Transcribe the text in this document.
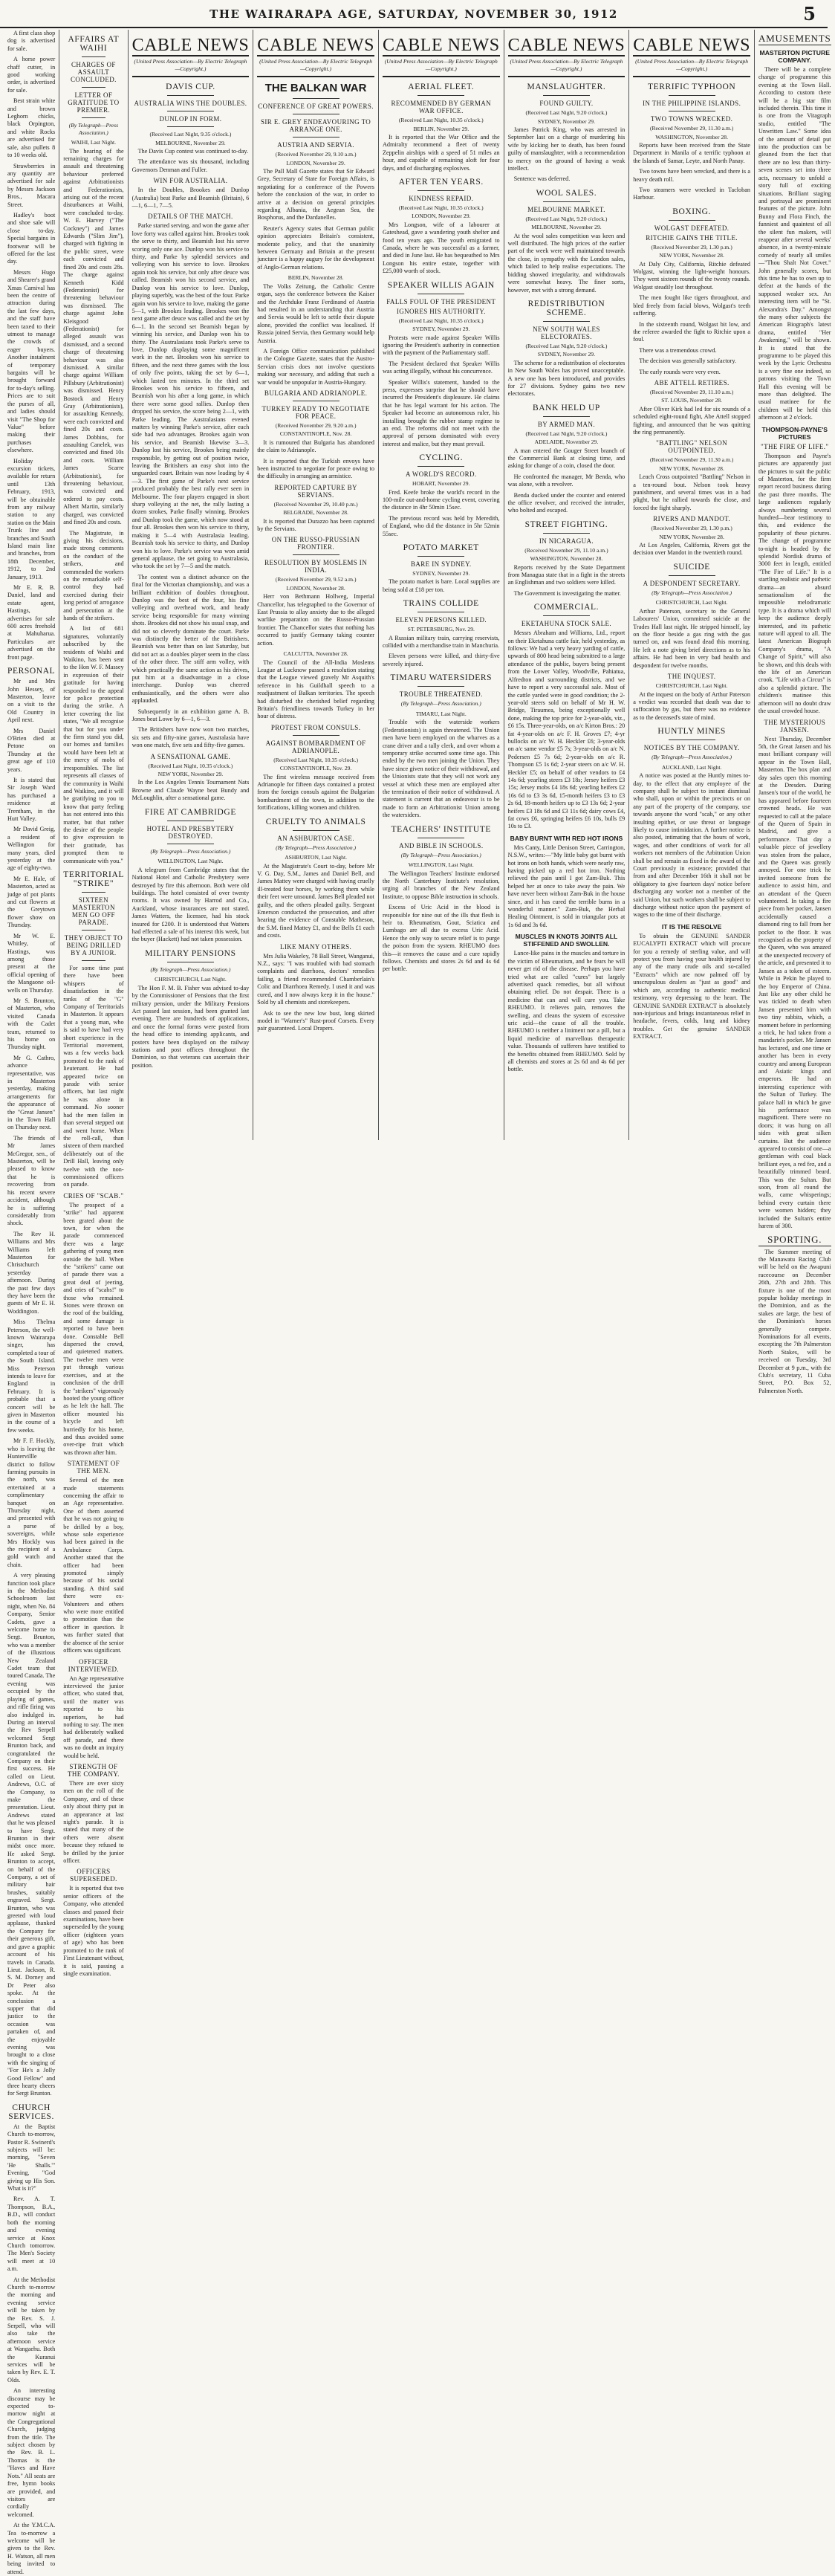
THE WAIRARAPA AGE, SATURDAY, NOVEMBER 30, 1912	5

A first class shop dog is advertised for sale.

A horse power chaff cutter, in good working order, is advertised for sale.

Best strain white and brown Leghorn chicks, black Orpington, and white Rocks are advertised for sale, also pullets 8 to 10 weeks old.

Strawberries in any quantity are advertised for sale by Messrs Jackson Bros., Macara Street.

Hadley's boot and shoe sale will close to-day. Special bargains in footwear will be offered for the last day.

Messrs Hugo and Shearer's grand Xmas Carnival has been the centre of attraction during the last few days, and the staff have been taxed to their utmost to manage the crowds of eager buyers. Another instalment of temporary bargains will be brought forward for to-day's selling. Prices are to suit the purses of all, and ladies should visit "The Shop for Value" before making their purchases elsewhere.

Holiday excursion tickets, available for return until 13th February, 1913, will be obtainable from any railway station to any station on the Main Trunk line and branches and South Island main line and branches, from 18th December, 1912, to 2nd January, 1913.

Mr E. R. B. Daniel, land and estate agent, Hastings, advertises for sale 600 acres freehold at Mahuharua. Particulars are advertised on the front page.

PERSONAL

Mr and Mrs John Hessey, of Masterton, leave on a visit to the Old Country in April next.

Mrs Daniel O'Brien died at Petone on Thursday at the great age of 110 years.

It is stated that Sir Joseph Ward has purchased a residence at Trentham, in the Hutt Valley.

Mr David Greig, a resident of Wellington for many years, died yesterday at the age of eighty-two.

Mr E. Hale, of Masterton, acted as judge of pot plants and cut flowers at the Greytown flower show on Thursday.

Mr W. E. Whitley, of Hastings, was among those present at the official opening of the Mangaone oil-wells on Thursday.

Mr S. Brunton, of Masterton, who visited Canada with the Cadet team, returned to his home on Thursday night.

Mr G. Cathro, advance representative, was in Masterton yesterday, making arrangements for the appearance of the "Great Jansen" in the Town Hall on Thursday next.

The friends of Mr James McGregor, sen., of Masterton, will be pleased to know that he is recovering from his recent severe accident, although he is suffering considerably from shock.

The Rev H. Williams and Mrs Williams left Masterton for Christchurch yesterday afternoon. During the past few days they have been the guests of Mr E. H. Woddington.

Miss Thelma Peterson, the well-known Wairarapa singer, has completed a tour of the South Island. Miss Peterson intends to leave for England in February. It is probable that a concert will be given in Masterton in the course of a few weeks.

Mr F. F. Hockly, who is leaving the Huntervillle district to follow farming pursuits in the north, was entertained at a complimentary banquet on Thursday night, and presented with a purse of sovereigns, while Mrs Hockly was the recipient of a gold watch and chain.

A very pleasing function took place in the Methodist Schoolroom last night, when No. 84 Company, Senior Cadets, gave a welcome home to Sergt. Brunton, who was a member of the illustrious New Zealand Cadet team that toured Canada. The evening was occupied by the playing of games, and rifle firing was also indulged in. During an interval the Rev Serpell welcomed Sergt Brunton back, and congratulated the Company on their first success. He called on Lieut. Andrews, O.C. of the Company, to make the presentation. Lieut. Andrews stated that he was pleased to have Sergt. Brunton in their midst once more. He asked Sergt. Brunton to accept, on behalf of the Company, a set of military hair brushes, suitably engraved. Sergt. Brunton, who was greeted with loud applause, thanked the Company for their generous gift, and gave a graphic account of his travels in Canada. Lieut. Jackson, R. S. M. Dorney and Dr Peter also spoke. At the conclusion a supper that did justice to the occasion was partaken of, and the enjoyable evening was brought to a close with the singing of "For He's a Jolly Good Fellow" and three hearty cheers for Sergt Brunton.

CHURCH SERVICES.

At the Baptist Church to-morrow, Pastor R. Swinerd's subjects will be: morning, "Seven 'He Shalls.'" Evening, "God giving up His Son. What is it?"

Rev. A. T. Thompson, B.A., B.D., will conduct both the morning and evening service at Knox Church tomorrow. The Men's Society will meet at 10 a.m.

At the Methodist Church to-morrow the morning and evening service will be taken by the Rev. S. J. Serpell, who will also take the afternoon service at Wangaehu. Both the Kuranui services will be taken by Rev. E. T. Olds.

An interesting discourse may be expected to-morrow night at the Congregational Church, judging from the title. The subject chosen by the Rev. B. L. Thomas is the "Haves and Have Nots." All seats are free, hymn books are provided, and visitors are cordially welcomed.

At the Y.M.C.A. Tea to-morrow a welcome will be given to the Rev. H. Watson, all men being invited to attend.

AFFAIRS AT WAIHI
CHARGES OF ASSAULT CONCLUDED.
LETTER OF GRATITUDE TO PREMIER.
(By Telegraph—Press Association.)
WAIHI, Last Night.

The hearing of the remaining charges for assault and threatening behaviour preferred against Arbitrationists and Federationists, arising out of the recent disturbances at Waihi, were concluded to-day. W. E. Harvey ("The Cockney") and James Edwards ("Slim Jim"), charged with fighting in the public street, were each convicted and fined 20s and costs 28s. The charge against Kenneth Kidd (Federationist) for threatening behaviour was dismissed. The charge against John Kleisgood (Federationist) for alleged assault was dismissed, and a second charge of threatening behaviour was also dismissed. A similar charge against William Pillsbury (Arbitrationist) was dismissed. Henry Bostock and Henry Gray (Arbitrationists), for assaulting Kennedy, were each convicted and fined 20s and costs. James Dobbins, for assaulting Canelek, was convicted and fined 10s and costs. William James Scarre (Arbitrationist), for threatening behaviour, was convicted and ordered to pay costs. Albert Martin, similarly charged, was convicted and fined 20s and costs.

The Magistrate, in giving his decisions, made strong comments on the conduct of the strikers, and commended the workers on the remarkable self-control they had exercised during their long period of arrogance and persecution at the hands of the strikers.

A list of 681 signatures, voluntarily subscribed by the residents of Waihi and Waikino, has been sent to the Hon W. F. Massey in expression of their gratitude for having responded to the appeal for police protection during the strike. A letter covering the list states, "We all recognise that but for you under the firm stand you did, our homes and families would have been left at the mercy of mobs of irresponsibles. The list represents all classes of the community in Waihi and Waikino, and it will be gratifying to you to know that party feeling has not entered into this matter, but that rather the desire of the people to give expression to their gratitude, has prompted them to communicate with you."

TERRITORIAL "STRIKE"
SIXTEEN MASTERTON MEN GO OFF PARADE.
THEY OBJECT TO BEING DRILLED BY A JUNIOR.

For some time past there have been whispers of dissatisfaction in the ranks of the "G" Company of Territorials in Masterton. It appears that a young man, who is said to have had very short experience in the Territorial movement, was a few weeks back promoted to the rank of lieutenant. He had appeared twice on parade with senior officers, but last night he was alone in command. No sooner had the men fallen in than several stepped out and went home. When the roll-call, than sixteen of them marched deliberately out of the Drill Hall, leaving only twelve with the non-commissioned officers on parade.

CRIES OF "SCAB."

The prospect of a "strike" had apparent been grated about the town, for when the parade commenced there was a large gathering of young men outside the hall. When the "strikers" came out of parade there was a great deal of jeering, and cries of "scabs!" to those who remained. Stones were thrown on the roof of the building, and some damage is reported to have been done. Constable Bell dispersed the crowd, and quietened matters. The twelve men were put through various exercises, and at the conclusion of the drill the "strikers" vigorously hooted the young officer as he left the hall. The officer mounted his bicycle and left hurriedly for his home, and thus avoided some over-ripe fruit which was thrown after him.

STATEMENT OF THE MEN.

Several of the men made statements concerning the affair to an Age representative. One of them asserted that he was not going to be drilled by a boy, whose sole experience had been gained in the Ambulance Corps. Another stated that the officer had been promoted simply because of his social standing. A third said there were ex-Volunteers and others who were more entitled to promotion than the officer in question. It was further stated that the absence of the senior officers was significant.

OFFICER INTERVIEWED.

An Age representative interviewed the junior officer, who stated that, until the matter was reported to his superiors, he had nothing to say. The men had deliberately walked off parade, and there was no doubt an inquiry would be held.

STRENGTH OF THE COMPANY.

There are over sixty men on the roll of the Company, and of these only about thirty put in an appearance at last night's parade. It is stated that many of the others were absent because they refused to be drilled by the junior officer.

OFFICERS SUPERSEDED.

It is reported that two senior officers of the Company, who attended classes and passed their examinations, have been superseded by the young officer (eighteen years of age) who has been promoted to the rank of First Lieutenant without, it is said, passing a single examination.

CABLE NEWS
(United Press Association—By Electric Telegraph—Copyright.)
DAVIS CUP.
AUSTRALIA WINS THE DOUBLES.
DUNLOP IN FORM.
(Received Last Night, 9.35 o'clock.)
MELBOURNE, November 29.

The Davis Cup contest was continued to-day.

The attendance was six thousand, including Governors Denman and Fuller.

WIN FOR AUSTRALIA.

In the Doubles, Brookes and Dunlop (Australia) beat Parke and Beamish (Britain), 6—1, 6—1, 7—5.

DETAILS OF THE MATCH.

Parke started serving, and won the game after love forty was called against him. Brookes took the serve to thirty, and Beamish lost his serve scoring only one ace. Dunlop won his service to thirty, and Parke by splendid services and volleying won his service to love. Brookes again took his service, but only after deuce was called. Beamish won his second service, and Dunlop won his service to love. Dunlop, playing superbly, was the best of the four. Parke again won his service to love, making the game 5—1, with Brookes leading. Brookes won the next game after deuce was called and the set by 6—1. In the second set Beamish began by winning his service, and Dunlop won his to thirty. The Australasians took Parke's serve to love, Dunlop displaying some magnificent work in the net. Brookes won his service to fifteen, and the next three games with the loss of only five points, taking the set by 6—1, which lasted ten minutes. In the third set Brookes won his service to fifteen, and Beamish won his after a long game, in which there were some good rallies. Dunlop then dropped his service, the score being 2—1, with Parke leading. The Australasians evened matters by winning Parke's service, after each side had two advantages. Brookes again won his service, and Beamish likewise 3—3. Dunlop lost his service, Brookes being mainly responsible, by getting out of position twice, leaving the Britishers an easy shot into the unguarded court. Britain was now leading by 4—3. The first game of Parke's next service produced probably the best rally ever seen in Melbourne. The four players engaged in short sharp volleying at the net, the rally lasting a dozen strokes, Parke finally winning. Brookes and Dunlop took the game, which now stood at four all. Brookes then won his service to thirty, making it 5—4 with Australasia leading. Beamish took his service to thirty, and Dunlop won his to love. Parke's service was won amid general applause, the set going to Australasia, who took the set by 7—5 and the match.

The contest was a distinct advance on the final for the Victorian championship, and was a brilliant exhibition of doubles throughout. Dunlop was the best of the four, his fine volleying and overhead work, and heady service being responsible for many winning shots. Brookes did not show his usual snap, and did not so cleverly dominate the court. Parke was distinctly the better of the Britishers. Beamish was better than on last Saturday, but did not act as a doubles player seem in the class of the other three. The stiff arm volley, with which practically the same action as his drives, put him at a disadvantage in a close interchange. Dunlop was cheered enthusiastically, and the others were also applauded.

Subsequently in an exhibition game A. B. Jones beat Lowe by 6—1, 6—3.

The Britishers have now won two matches, six sets and fifty-nine games, Australasia have won one match, five sets and fifty-five games.

A SENSATIONAL GAME.
(Received Last Night, 10.35 o'clock.)
NEW YORK, November 29.

In the Los Angeles Tennis Tournament Nats Browne and Claude Wayne beat Bundy and McLoughlin, after a sensational game.

FIRE AT CAMBRIDGE
HOTEL AND PRESBYTERY DESTROYED.
(By Telegraph—Press Association.)
WELLINGTON, Last Night.

A telegram from Cambridge states that the National Hotel and Catholic Presbytery were destroyed by fire this afternoon. Both were old buildings. The hotel consisted of over twenty rooms. It was owned by Harrod and Co., Auckland, whose insurances are not stated. James Watters, the licensee, had his stock insured for £200. It is understood that Watters had effected a sale of his interest this week, but the buyer (Hackett) had not taken possession.

MILITARY PENSIONS
(By Telegraph—Press Association.)
CHRISTCHURCH, Last Night.

The Hon F. M. B. Fisher was advised to-day by the Commissioner of Pensions that the first military pension, under the Military Pensions Act passed last session, had been granted last evening. There are hundreds of applications, and once the formal forms were posted from the head office to intending applicants, and posters have been displayed on the railway stations and post offices throughout the Dominion, so that veterans can ascertain their position.

CABLE NEWS
(United Press Association—By Electric Telegraph—Copyright.)
THE BALKAN WAR
CONFERENCE OF GREAT POWERS.
SIR E. GREY ENDEAVOURING TO ARRANGE ONE.
AUSTRIA AND SERVIA.
(Received November 29, 9.10 a.m.)
LONDON, November 29.

The Pall Mall Gazette states that Sir Edward Grey, Secretary of State for Foreign Affairs, is negotiating for a conference of the Powers before the conclusion of the war, in order to arrive at a decision on general principles regarding Albania, the Aegean Sea, the Bosphorus, and the Dardanelles.

Reuter's Agency states that German public opinion appreciates Britain's consistent, moderate policy, and that the unanimity between Germany and Britain at the present juncture is a happy augury for the development of Anglo-German relations.

BERLIN, November 28.

The Volks Zeitung, the Catholic Centre organ, says the conference between the Kaiser and the Archduke Franz Ferdinand of Austria had resulted in an understanding that Austria and Servia would be left to settle their dispute alone, provided the conflict was localised. If Russia joined Servia, then Germany would help Austria.

A Foreign Office communication published in the Cologne Gazette, states that the Austro-Servian crisis does not involve questions making war necessary, and adding that such a war would be unpopular in Austria-Hungary.

BULGARIA AND ADRIANOPLE.
TURKEY READY TO NEGOTIATE FOR PEACE.
(Received November 29, 9.20 a.m.)
CONSTANTINOPLE, Nov. 28.

It is rumoured that Bulgaria has abandoned the claim to Adrianople.

It is reported that the Turkish envoys have been instructed to negotiate for peace owing to the difficulty in arranging an armistice.

REPORTED CAPTURE BY SERVIANS.
(Received November 29, 10.40 p.m.)
BELGRADE, November 28.

It is reported that Durazzo has been captured by the Servians.

ON THE RUSSO-PRUSSIAN FRONTIER.
RESOLUTION BY MOSLEMS IN INDIA.
(Received November 29, 9.52 a.m.)
LONDON, November 28.

Herr von Bethmann Hollweg, Imperial Chancellor, has telegraphed to the Governor of East Prussia to allay anxiety due to the alleged warlike preparation on the Russo-Prussian frontier. The Chancellor states that nothing has occurred to justify Germany taking counter action.

CALCUTTA, November 28.

The Council of the All-India Moslems League at Lucknow passed a resolution stating that the League viewed gravely Mr Asquith's reference in his Guildhall speech to a readjustment of Balkan territories. The speech had disturbed the cherished belief regarding Britain's friendliness towards Turkey in her hour of distress.

PROTEST FROM CONSULS.
AGAINST BOMBARDMENT OF ADRIANOPLE.
(Received Last Night, 10.35 o'clock.)
CONSTANTINOPLE, Nov. 29.

The first wireless message received from Adrianople for fifteen days contained a protest from the foreign consuls against the Bulgarian bombardment of the town, in addition to the fortifications, killing women and children.

CRUELTY TO ANIMALS
AN ASHBURTON CASE.
(By Telegraph—Press Association.)
ASHBURTON, Last Night.

At the Magistrate's Court to-day, before Mr V. G. Day, S.M., James and Daniel Bell, and James Mattey were charged with having cruelly ill-treated four horses, by working them while their feet were unsound. James Bell pleaded not guilty, and the others pleaded guilty. Sergeant Emerson conducted the prosecution, and after hearing the evidence of Constable Matheson, the S.M. fined Mattey £1, and the Bells £1 each and costs.

LIKE MANY OTHERS.

Mrs Julia Wakeley, 78 Ball Street, Wanganui, N.Z., says: "I was troubled with bad stomach complaints and diarrhoea, doctors' remedies failing, a friend recommended Chamberlain's Colic and Diarrhoea Remedy. I used it and was cured, and I now always keep it in the house." Sold by all chemists and storekeepers.

Ask to see the new low bust, long skirted model in "Warner's" Rust-proof Corsets. Every pair guaranteed. Local Drapers.

CABLE NEWS
(United Press Association—By Electric Telegraph—Copyright.)
AERIAL FLEET.
RECOMMENDED BY GERMAN WAR OFFICE.
(Received Last Night, 10.35 o'clock.)
BERLIN, November 29.

It is reported that the War Office and the Admiralty recommend a fleet of twenty Zeppelin airships with a speed of 51 miles an hour, and capable of remaining aloft for four days, and of discharging explosives.

AFTER TEN YEARS.
KINDNESS REPAID.
(Received Last Night, 10.35 o'clock.)
LONDON, November 29.

Mrs Longson, wife of a labourer at Gateshead, gave a wandering youth shelter and food ten years ago. The youth emigrated to Canada, where he was successful as a farmer, and died in June last. He has bequeathed to Mrs Longson his entire estate, together with £25,000 worth of stock.

SPEAKER WILLIS AGAIN
FALLS FOUL OF THE PRESIDENT
IGNORES HIS AUTHORITY.
(Received Last Night, 10.35 o'clock.)
SYDNEY, November 29.

Protests were made against Speaker Willis ignoring the President's authority in connection with the payment of the Parliamentary staff.

The President declared that Speaker Willis was acting illegally, without his concurrence.

Speaker Willis's statement, handed to the press, expresses surprise that he should have incurred the President's displeasure. He claims that he has legal warrant for his action. The Speaker had become an autonomous ruler, his installing brought the rubber stamp regime to an end. The reforms did not meet with the approval of persons dominated with every interest and malice, but they must prevail.

CYCLING.
A WORLD'S RECORD.
HOBART, November 29.

Fred. Keefe broke the world's record in the 100-mile out-and-home cycling event, covering the distance in 4hr 50min 15sec.

The previous record was held by Meredith, of England, who did the distance in 5hr 52min 55sec.

POTATO MARKET
BARE IN SYDNEY.
SYDNEY, November 29.

The potato market is bare. Local supplies are being sold at £18 per ton.

TRAINS COLLIDE
ELEVEN PERSONS KILLED.
ST. PETERSBURG, Nov. 29.

A Russian military train, carrying reservists, collided with a merchandise train in Manchuria.

Eleven persons were killed, and thirty-five severely injured.

TIMARU WATERSIDERS
TROUBLE THREATENED.
(By Telegraph—Press Association.)
TIMARU, Last Night.

Trouble with the waterside workers (Federationists) is again threatened. The Union men have been employed on the wharves as a crane driver and a tally clerk, and over whom a temporary strike occurred some time ago. This ended by the two men joining the Union. They have since given notice of their withdrawal, and the Unionists state that they will not work any vessel at which these men are employed after the termination of their notice of withdrawal. A statement is current that an endeavour is to be made to form an Arbitrationist Union among the watersiders.

TEACHERS' INSTITUTE
AND BIBLE IN SCHOOLS.
(By Telegraph—Press Association.)
WELLINGTON, Last Night.

The Wellington Teachers' Institute endorsed the North Canterbury Institute's resolution, urging all branches of the New Zealand Institute, to oppose Bible instruction in schools.

Excess of Uric Acid in the blood is responsible for nine out of the ills that flesh is heir to. Rheumatism, Gout, Sciatica and Lumbago are all due to excess Uric Acid. Hence the only way to secure relief is to purge the poison from the system. RHEUMO does this—it removes the cause and a cure rapidly follows. Chemists and stores 2s 6d and 4s 6d per bottle.

CABLE NEWS
(United Press Association—By Electric Telegraph—Copyright.)
MANSLAUGHTER.
FOUND GUILTY.
(Received Last Night, 9.20 o'clock.)
SYDNEY, November 29.

James Patrick King, who was arrested in September last on a charge of murdering his wife by kicking her to death, has been found guilty of manslaughter, with a recommendation to mercy on the ground of having a weak intellect.

Sentence was deferred.

WOOL SALES.
MELBOURNE MARKET.
(Received Last Night, 9.20 o'clock.)
MELBOURNE, November 29.

At the wool sales competition was keen and well distributed. The high prices of the earlier part of the week were well maintained towards the close, in sympathy with the London sales, which failed to help realise expectations. The bidding showed irregularity, and withdrawals were somewhat heavy. The finer sorts, however, met with a strong demand.

REDISTRIBUTION SCHEME.
NEW SOUTH WALES ELECTORATES.
(Received Last Night, 9.20 o'clock.)
SYDNEY, November 29.

The scheme for a redistribution of electorates in New South Wales has proved unacceptable. A new one has been introduced, and provides for 27 divisions. Sydney gains two new electorates.

BANK HELD UP
BY ARMED MAN.
(Received Last Night, 9.20 o'clock.)
ADELAIDE, November 29.

A man entered the Gouger Street branch of the Commercial Bank at closing time, and asking for change of a coin, closed the door.

He confronted the manager, Mr Benda, who was alone, with a revolver.

Benda ducked under the counter and entered the office revolver, and received the intruder, who bolted and escaped.

STREET FIGHTING.
IN NICARAGUA.
(Received November 29, 11.10 a.m.)
WASHINGTON, November 28.

Reports received by the State Department from Managua state that in a fight in the streets an Englishman and two soldiers were killed.

The Government is investigating the matter.

COMMERCIAL.
EKETAHUNA STOCK SALE.

Messrs Abraham and Williams, Ltd., report on their Eketahuna cattle fair, held yesterday, as follows: We had a very heavy yarding of cattle, upwards of 800 head being submitted to a large attendance of the public, buyers being present from the Lower Valley, Woodville, Pahiatua, Alfredton and surrounding districts, and we have to report a very successful sale. Most of the cattle yarded were in good condition; the 2-year-old steers sold on behalf of Mr H. W. Bridge, Tiraumea, being exceptionally well done, making the top price for 2-year-olds, viz., £6 15s. Three-year-olds, on a/c Kirton Bros.: 20 fat 4-year-olds on a/c F. H. Groves £7; 4-yr bullocks on a/c W. H. Heckler £6; 3-year-olds on a/c same vendor £5 7s; 3-year-olds on a/c N. Pedersen £5 7s 6d; 2-year-olds on a/c R. Thompson £5 1s 6d; 2-year steers on a/c W. H. Heckler £5; on behalf of other vendors to £4 14s 6d; yearling steers £3 18s; Jersey heifers £3 15s; Jersey mobs £4 18s 6d; yearling heifers £2 16s 6d to £3 3s 6d, 15-month heifers £3 to £3 2s 6d, 18-month heifers up to £3 13s 6d; 2-year heifers £3 18s 6d and £3 11s 6d; dairy cows £4, fat cows £6, springing heifers £6 10s, bulls £9 10s to £3.

BABY BURNT WITH RED HOT IRONS

Mrs Canty, Little Denison Street, Carrington, N.S.W., writes:—"My little baby got burnt with hot irons on both hands, which were nearly raw, having picked up a red hot iron. Nothing relieved the pain until I got Zam-Buk. This helped her at once to take away the pain. We have never been without Zam-Buk in the house since, and it has cured the terrible burns in a wonderful manner." Zam-Buk, the Herbal Healing Ointment, is sold in triangular pots at 1s 6d and 3s 6d.

MUSCLES IN KNOTS JOINTS ALL STIFFENED AND SWOLLEN.

Lance-like pains in the muscles and torture in the victim of Rheumatism, and he fears he will never get rid of the disease. Perhaps you have tried what are called "cures" but largely advertised quack remedies, but all without obtaining relief. Do not despair. There is a medicine that can and will cure you. Take RHEUMO. It relieves pain, removes the swelling, and cleans the system of excessive uric acid—the cause of all the trouble. RHEUMO is neither a liniment nor a pill, but a liquid medicine of marvellous therapeutic value. Thousands of sufferers have testified to the benefits obtained from RHEUMO. Sold by all chemists and stores at 2s 6d and 4s 6d per bottle.

CABLE NEWS
(United Press Association—By Electric Telegraph—Copyright.)
TERRIFIC TYPHOON
IN THE PHILIPPINE ISLANDS.
TWO TOWNS WRECKED.
(Received November 29, 11.30 a.m.)
WASHINGTON, November 28.

Reports have been received from the State Department in Manila of a terrific typhoon at the Islands of Samar, Leyte, and North Panay.

Two towns have been wrecked, and there is a heavy death roll.

Two steamers were wrecked in Tacloban Harbour.

BOXING.
WOLGAST DEFEATED.
RITCHIE GAINS THE TITLE.
(Received November 29, 1.30 p.m.)
NEW YORK, November 28.

At Daly City, California, Ritchie defeated Wolgast, winning the light-weight honours. They went sixteen rounds of the twenty rounds. Wolgast steadily lost throughout.

The men fought like tigers throughout, and bled freely from facial blows, Wolgast's teeth suffering.

In the sixteenth round, Wolgast bit low, and the referee awarded the fight to Ritchie upon a foul.

There was a tremendous crowd.

The decision was generally satisfactory.

The early rounds were very even.

ABE ATTELL RETIRES.
(Received November 29, 11.10 a.m.)
ST. LOUIS, November 28.

After Oliver Kirk had led for six rounds of a scheduled eight-round fight, Abe Attell stopped fighting, and announced that he was quitting the ring permanently.

"BATTLING" NELSON OUTPOINTED.
(Received November 29, 11.30 a.m.)
NEW YORK, November 28.

Leach Cross outpointed "Battling" Nelson in a ten-round bout. Nelson took heavy punishment, and several times was in a bad plight, but he rallied towards the close, and forced the fight sharply.

RIVERS AND MANDOT.
(Received November 29, 1.30 p.m.)
NEW YORK, November 28.

At Los Angeles, California, Rivers got the decision over Mandot in the twentieth round.

SUICIDE
A DESPONDENT SECRETARY.
(By Telegraph—Press Association.)
CHRISTCHURCH, Last Night.

Arthur Paterson, secretary to the General Labourers' Union, committed suicide at the Trades Hall last night. He stripped himself, lay on the floor beside a gas ring with the gas turned on, and was found dead this morning. He left a note giving brief directions as to his affairs. He had been in very bad health and despondent for twelve months.

THE INQUEST.
CHRISTCHURCH, Last Night.

At the inquest on the body of Arthur Paterson a verdict was recorded that death was due to suffocation by gas, but there was no evidence as to the deceased's state of mind.

HUNTLY MINES
NOTICES BY THE COMPANY.
(By Telegraph—Press Association.)
AUCKLAND, Last Night.

A notice was posted at the Huntly mines to-day, to the effect that any employee of the company shall be subject to instant dismissal who shall, upon or within the precincts or on any part of the property of the company, use towards anyone the word "scab," or any other insulting epithet, or use threat or language likely to cause intimidation. A further notice is also posted, intimating that the hours of work, wages, and other conditions of work for all workers not members of the Arbitration Union shall be and remain as fixed in the award of the Court previously in existence; provided that from and after December 16th it shall not be obligatory to give fourteen days' notice before discharging any worker not a member of the said Union, but such workers shall be subject to discharge without notice upon the payment of wages to the time of their discharge.

IT IS THE RESOLVE

To obtain the GENUINE SANDER EUCALYPTI EXTRACT which will procure for you a remedy of sterling value, and will protect you from having your health injured by any of the many crude oils and so-called "Extracts" which are now palmed off by unscrupulous dealers as "just as good" and which are, according to authentic medical testimony, very depressing to the heart. The GENUINE SANDER EXTRACT is absolutely non-injurious and brings instantaneous relief in headache, fevers, colds, lung and kidney troubles. Get the genuine SANDER EXTRACT.

AMUSEMENTS
MASTERTON PICTURE COMPANY.

There will be a complete change of programme this evening at the Town Hall. According to custom there will be a big star film included therein. This time it is one from the Vitagraph studio, entitled "The Unwritten Law." Some idea of the amount of detail put into the production can be gleaned from the fact that there are no less than thirty-seven scenes set into three acts, necessary to unfold a story full of exciting situations. Brilliant staging and portrayal are prominent features of the picture. John Bunny and Flora Finch, the funniest and quaintest of all the silent fun makers, will reappear after several weeks' absence, in a twenty-minute comedy of nearly all smiles—"Thou Shalt Not Covet." John generally scores, but this time he has to own up to defeat at the hands of the supposed weaker sex. An interesting item will be "St. Alexandra's Day." Amongst the many other subjects the American Biograph's latest drama, entitled "Her Awakening," will be shown. It is stated that the programme to be played this week by the Lyric Orchestra is a very fine one indeed, so patrons visiting the Town Hall this evening will be more than delighted. The usual matinee for the children will be held this afternoon at 2 o'clock.

THOMPSON-PAYNE'S PICTURES
"THE FIRE OF LIFE."

Thompson and Payne's pictures are apparently just the pictures to suit the public of Masterton, for the firm report record business during the past three months. The large audiences regularly always numbering several hundred—bear testimony to this, and evidence the popularity of these pictures. The change of programme to-night is headed by the splendid Nordisk drama of 3000 feet in length, entitled "The Fire of Life." It is a startling realistic and pathetic drama—an absurd sensationalism of the impossible melodramatic type. It is a drama which will keep the audience deeply interested, and its pathetic nature will appeal to all. The latest American Biograph Company's drama, "A Change of Spirit," will also be shown, and this deals with the life of an American crook. "Life with a Circus" is also a splendid picture. The children's matinee this afternoon will no doubt draw the usual crowded house.

THE MYSTERIOUS JANSEN.

Next Thursday, December 5th, the Great Jansen and his most brilliant company will appear in the Town Hall, Masterton. The box plan and day sales open this morning at the Dresden. During Jansen's tour of the world, he has appeared before fourteen crowned heads. He was requested to call at the palace of the Queen of Spain in Madrid, and give a performance. That day a valuable piece of jewellery was stolen from the palace, and the Queen was greatly annoyed. For one trick he invited someone from the audience to assist him, and an attendant of the Queen volunteered. In taking a fire piece from her pocket, Jansen accidentally caused a diamond ring to fall from her pocket to the floor. It was recognised as the property of the Queen, who was amazed at the unexpected recovery of the article, and presented it to Jansen as a token of esteem. While in Pekin he played to the boy Emperor of China. Just like any other child he was tickled to death when Jansen presented him with two tiny rabbits, which, a moment before in performing a trick, he had taken from a mandarin's pocket. Mr Jansen has lectured, and one time or another has been in every country and among European and Asiatic kings and emperors. He had an interesting experience with the Sultan of Turkey. The palace hall in which he gave his performance was magnificent. There were no doors; it was hung on all sides with great silken curtains. But the audience appeared to consist of one—a gentleman with coal black brilliant eyes, a red fez, and a beautifully trimmed beard. This was the Sultan. But soon, from all round the walls, came whisperings; behind every curtain there were women hidden; they included the Sultan's entire harem of 300.

SPORTING.

The Summer meeting of the Manawatu Racing Club will be held on the Awapuni racecourse on December 26th, 27th and 28th. This fixture is one of the most popular holiday meetings in the Dominion, and as the stakes are large, the best of the Dominion's horses generally compete. Nominations for all events, excepting the 7th Palmerston North Stakes, will be received on Tuesday, 3rd December at 9 p.m., with the Club's secretary, 11 Cuba Street, P.O. Box 52, Palmerston North.
